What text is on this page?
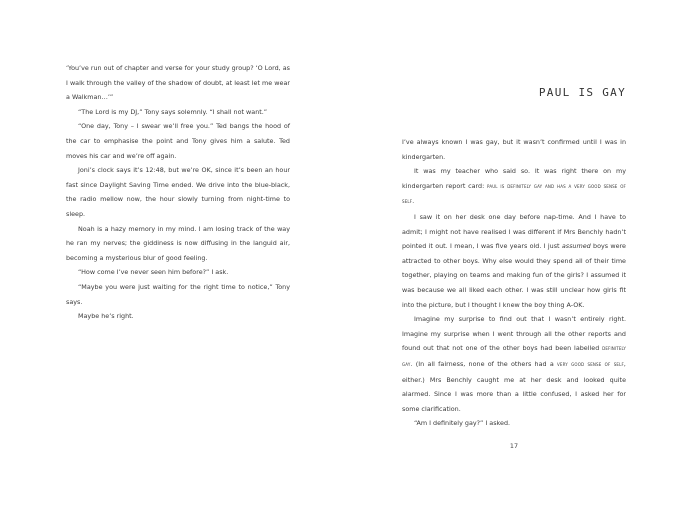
‘You’ve run out of chapter and verse for your study group? ‘O Lord, as I walk through the valley of the shadow of doubt, at least let me wear a Walkman…’”

“The Lord is my DJ,” Tony says solemnly. “I shall not want.”

“One day, Tony – I swear we’ll free you.” Ted bangs the hood of the car to emphasise the point and Tony gives him a salute. Ted moves his car and we’re off again.

Joni’s clock says it’s 12:48, but we’re OK, since it’s been an hour fast since Daylight Saving Time ended. We drive into the blue-black, the radio mellow now, the hour slowly turning from night-time to sleep.

Noah is a hazy memory in my mind. I am losing track of the way he ran my nerves; the giddiness is now diffusing in the languid air, becoming a mysterious blur of good feeling.

“How come I’ve never seen him before?” I ask.

“Maybe you were just waiting for the right time to notice,” Tony says.

Maybe he’s right.

PAUL IS GAY

I’ve always known I was gay, but it wasn’t confirmed until I was in kindergarten.

It was my teacher who said so. It was right there on my kindergarten report card: paul is definitely gay and has a very good sense of self.

I saw it on her desk one day before nap-time. And I have to admit; I might not have realised I was different if Mrs Benchly hadn’t pointed it out. I mean, I was five years old. I just assumed boys were attracted to other boys. Why else would they spend all of their time together, playing on teams and making fun of the girls? I assumed it was because we all liked each other. I was still unclear how girls fit into the picture, but I thought I knew the boy thing A-OK.

Imagine my surprise to find out that I wasn’t entirely right. Imagine my surprise when I went through all the other reports and found out that not one of the other boys had been labelled definitely gay. (In all fairness, none of the others had a very good sense of self, either.) Mrs Benchly caught me at her desk and looked quite alarmed. Since I was more than a little confused, I asked her for some clarification.

“Am I definitely gay?” I asked.

17
